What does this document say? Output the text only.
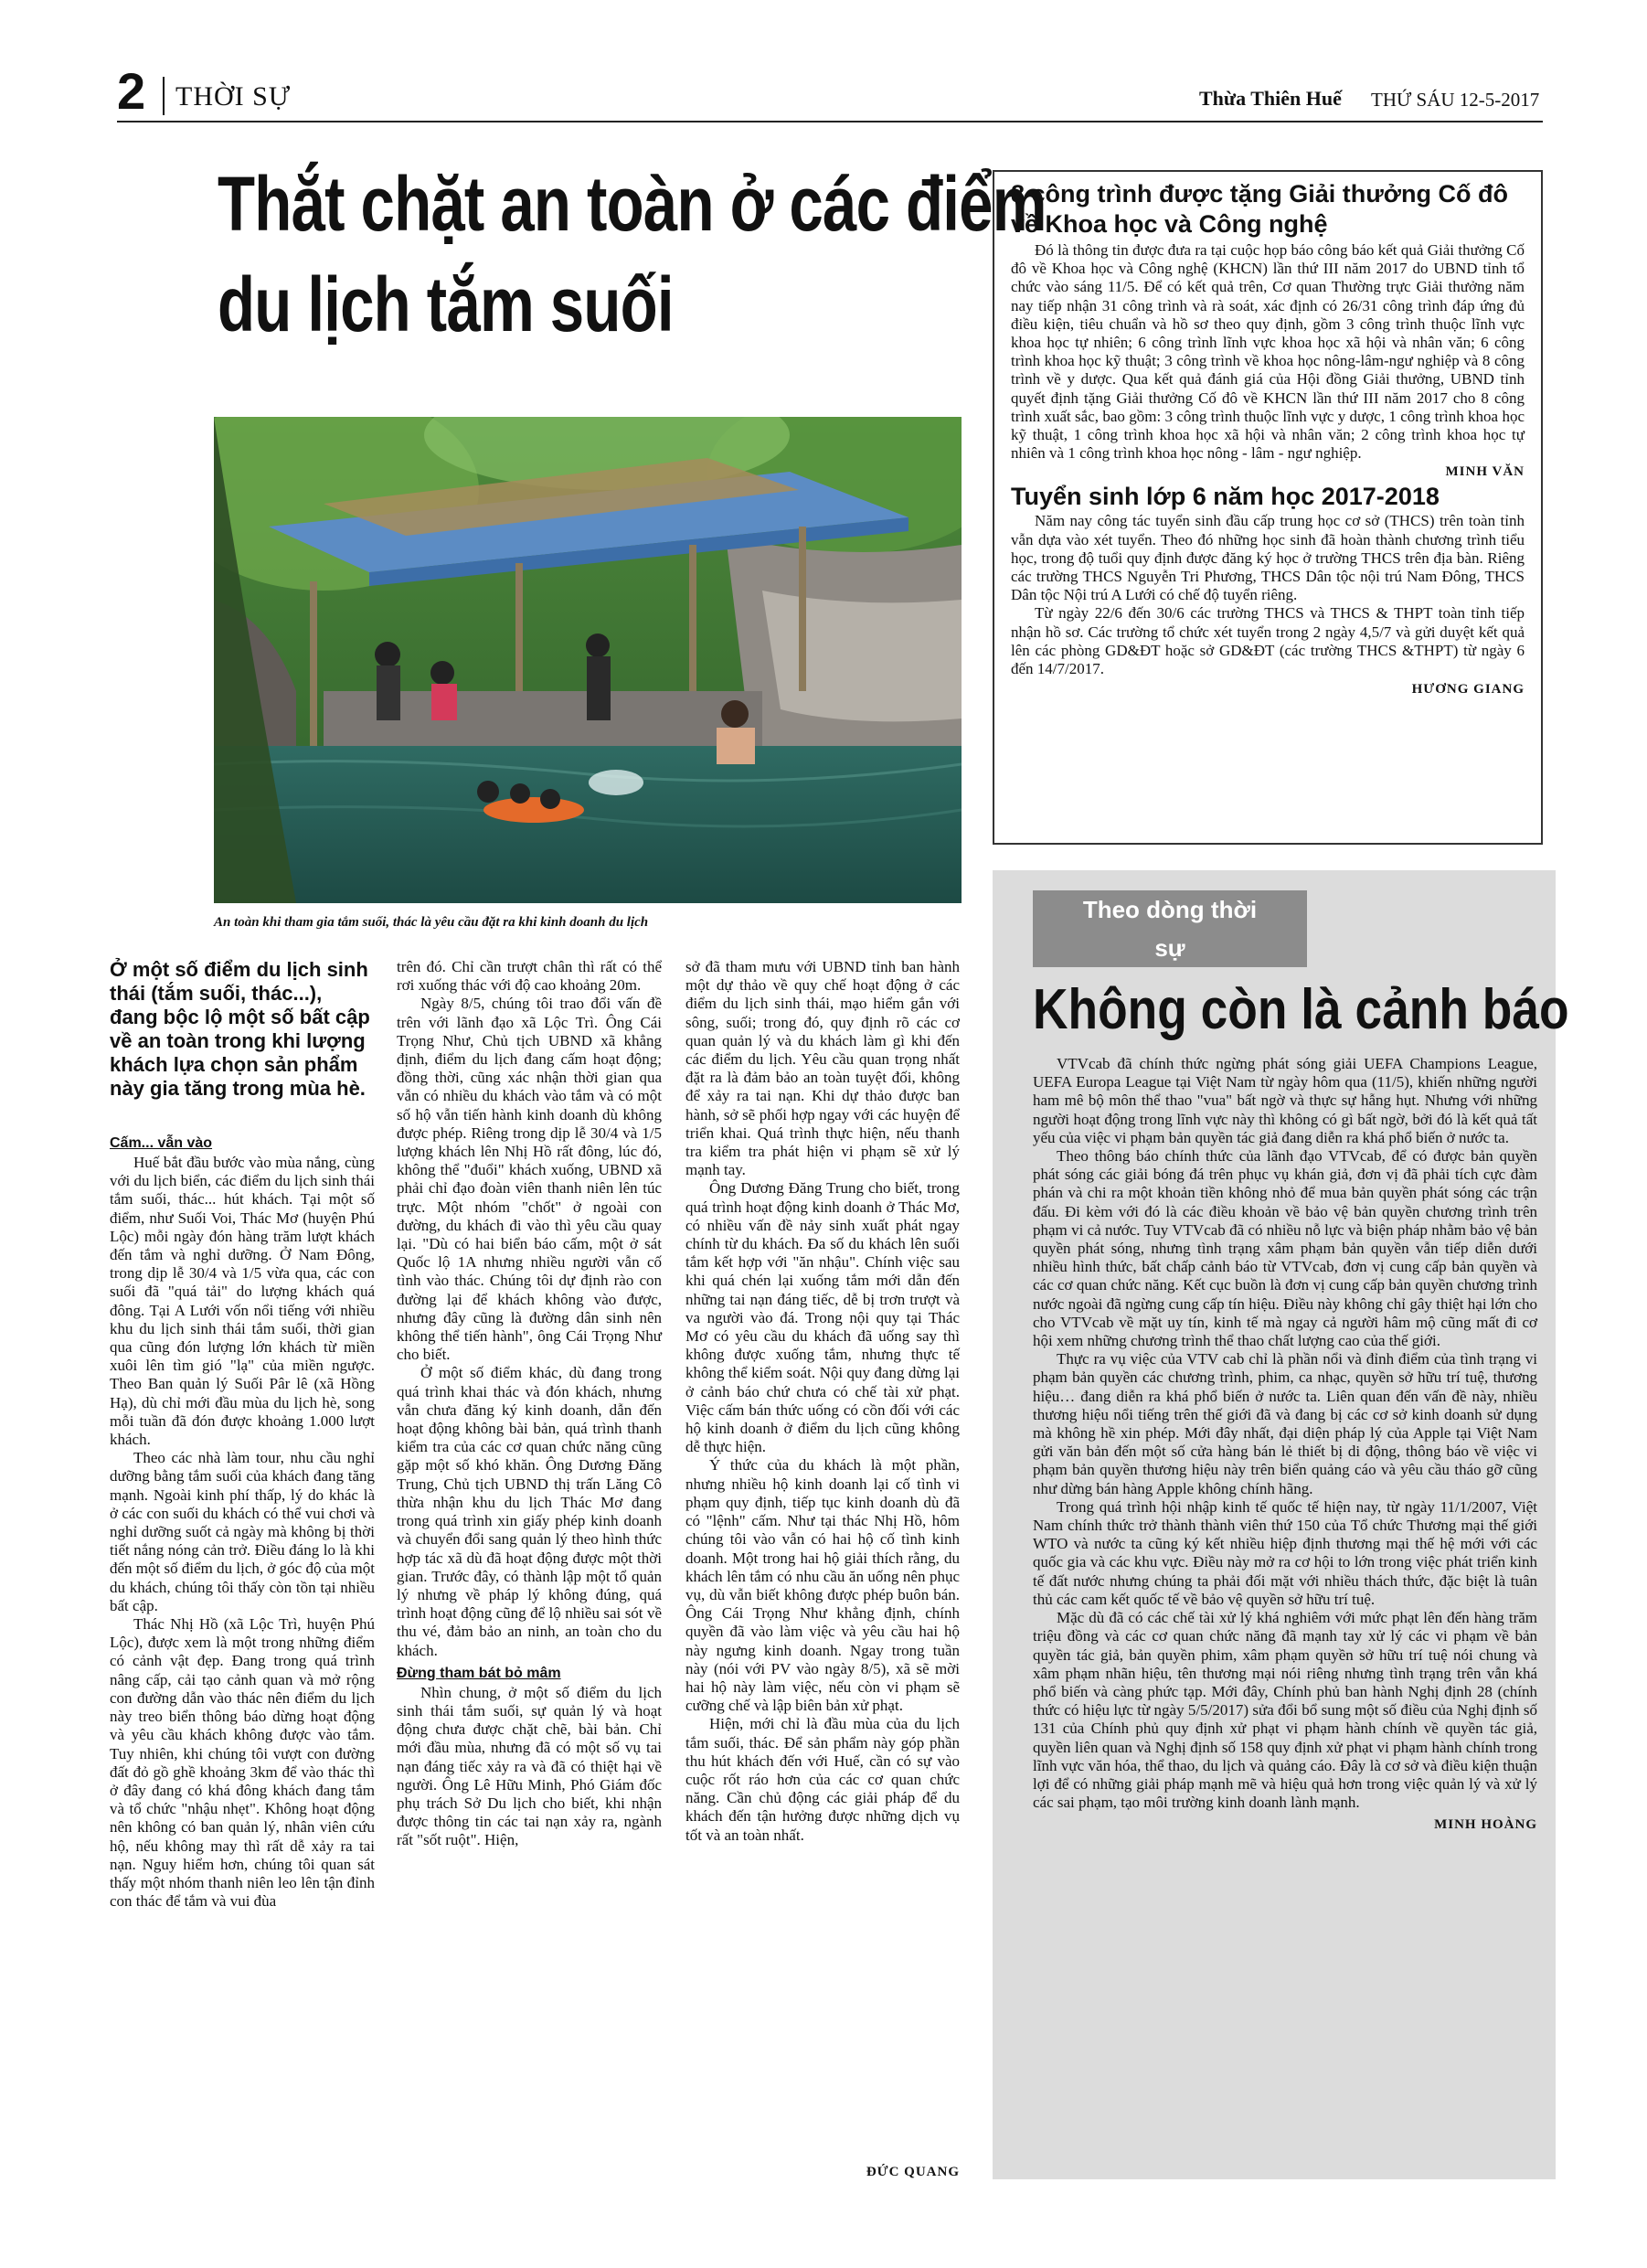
2 THỜI SỰ	Thừa Thiên Huế THỨ SÁU 12-5-2017
Thắt chặt an toàn ở các điểm
du lịch tắm suối
An toàn khi tham gia tắm suối, thác là yêu cầu đặt ra khi kinh doanh du lịch
Ở một số điểm du lịch sinh thái (tắm suối, thác...), đang bộc lộ một số bất cập về an toàn trong khi lượng khách lựa chọn sản phẩm này gia tăng trong mùa hè.
Cấm... vẫn vào
Huế bắt đầu bước vào mùa nắng, cùng với du lịch biển, các điểm du lịch sinh thái tắm suối, thác... hút khách. Tại một số điểm, như Suối Voi, Thác Mơ (huyện Phú Lộc) mỗi ngày đón hàng trăm lượt khách đến tắm và nghỉ dưỡng. Ở Nam Đông, trong dịp lễ 30/4 và 1/5 vừa qua, các con suối đã "quá tải" do lượng khách quá đông. Tại A Lưới vốn nổi tiếng với nhiều khu du lịch sinh thái tắm suối, thời gian qua cũng đón lượng lớn khách từ miền xuôi lên tìm gió "lạ" của miền ngược. Theo Ban quản lý Suối Pâr lê (xã Hồng Hạ), dù chỉ mới đầu mùa du lịch hè, song mỗi tuần đã đón được khoảng 1.000 lượt khách.
Theo các nhà làm tour, nhu cầu nghỉ dưỡng bằng tắm suối của khách đang tăng mạnh. Ngoài kinh phí thấp, lý do khác là ở các con suối du khách có thể vui chơi và nghỉ dưỡng suốt cả ngày mà không bị thời tiết nắng nóng cản trở. Điều đáng lo là khi đến một số điểm du lịch, ở góc độ của một du khách, chúng tôi thấy còn tồn tại nhiều bất cập.
Thác Nhị Hồ (xã Lộc Trì, huyện Phú Lộc), được xem là một trong những điểm có cảnh vật đẹp. Đang trong quá trình nâng cấp, cải tạo cảnh quan và mở rộng con đường dẫn vào thác nên điểm du lịch này treo biển thông báo dừng hoạt động và yêu cầu khách không được vào tắm. Tuy nhiên, khi chúng tôi vượt con đường đất đỏ gồ ghề khoảng 3km để vào thác thì ở đây đang có khá đông khách đang tắm và tổ chức "nhậu nhẹt". Không hoạt động nên không có ban quản lý, nhân viên cứu hộ, nếu không may thì rất dễ xảy ra tai nạn. Nguy hiểm hơn, chúng tôi quan sát thấy một nhóm thanh niên leo lên tận đỉnh con thác để tắm và vui đùa
trên đó. Chỉ cần trượt chân thì rất có thể rơi xuống thác với độ cao khoảng 20m.
Ngày 8/5, chúng tôi trao đổi vấn đề trên với lãnh đạo xã Lộc Trì. Ông Cái Trọng Như, Chủ tịch UBND xã khẳng định, điểm du lịch đang cấm hoạt động; đồng thời, cũng xác nhận thời gian qua vẫn có nhiều du khách vào tắm và có một số hộ vẫn tiến hành kinh doanh dù không được phép. Riêng trong dịp lễ 30/4 và 1/5 lượng khách lên Nhị Hồ rất đông, lúc đó, không thể "đuổi" khách xuống, UBND xã phải chỉ đạo đoàn viên thanh niên lên túc trực. Một nhóm "chốt" ở ngoài con đường, du khách đi vào thì yêu cầu quay lại. "Dù có hai biển báo cấm, một ở sát Quốc lộ 1A nhưng nhiều người vẫn cố tình vào thác. Chúng tôi dự định rào con đường lại để khách không vào được, nhưng đây cũng là đường dân sinh nên không thể tiến hành", ông Cái Trọng Như cho biết.
Ở một số điểm khác, dù đang trong quá trình khai thác và đón khách, nhưng vẫn chưa đăng ký kinh doanh, dẫn đến hoạt động không bài bản, quá trình thanh kiểm tra của các cơ quan chức năng cũng gặp một số khó khăn. Ông Dương Đăng Trung, Chủ tịch UBND thị trấn Lăng Cô thừa nhận khu du lịch Thác Mơ đang trong quá trình xin giấy phép kinh doanh và chuyển đổi sang quản lý theo hình thức hợp tác xã dù đã hoạt động được một thời gian. Trước đây, có thành lập một tổ quản lý nhưng về pháp lý không đúng, quá trình hoạt động cũng để lộ nhiều sai sót về thu vé, đảm bảo an ninh, an toàn cho du khách.
Đừng tham bát bỏ mâm
Nhìn chung, ở một số điểm du lịch sinh thái tắm suối, sự quản lý và hoạt động chưa được chặt chẽ, bài bản. Chỉ mới đầu mùa, nhưng đã có một số vụ tai nạn đáng tiếc xảy ra và đã có thiệt hại về người. Ông Lê Hữu Minh, Phó Giám đốc phụ trách Sở Du lịch cho biết, khi nhận được thông tin các tai nạn xảy ra, ngành rất "sốt ruột". Hiện,
sở đã tham mưu với UBND tỉnh ban hành một dự thảo về quy chế hoạt động ở các điểm du lịch sinh thái, mạo hiểm gắn với sông, suối; trong đó, quy định rõ các cơ quan quản lý và du khách làm gì khi đến các điểm du lịch. Yêu cầu quan trọng nhất đặt ra là đảm bảo an toàn tuyệt đối, không để xảy ra tai nạn. Khi dự thảo được ban hành, sở sẽ phối hợp ngay với các huyện để triển khai. Quá trình thực hiện, nếu thanh tra kiểm tra phát hiện vi phạm sẽ xử lý mạnh tay.
Ông Dương Đăng Trung cho biết, trong quá trình hoạt động kinh doanh ở Thác Mơ, có nhiều vấn đề nảy sinh xuất phát ngay chính từ du khách. Đa số du khách lên suối tắm kết hợp với "ăn nhậu". Chính việc sau khi quá chén lại xuống tắm mới dẫn đến những tai nạn đáng tiếc, dễ bị trơn trượt và va người vào đá. Trong nội quy tại Thác Mơ có yêu cầu du khách đã uống say thì không được xuống tắm, nhưng thực tế không thể kiểm soát. Nội quy đang dừng lại ở cảnh báo chứ chưa có chế tài xử phạt. Việc cấm bán thức uống có cồn đối với các hộ kinh doanh ở điểm du lịch cũng không dễ thực hiện.
Ý thức của du khách là một phần, nhưng nhiều hộ kinh doanh lại cố tình vi phạm quy định, tiếp tục kinh doanh dù đã có "lệnh" cấm. Như tại thác Nhị Hồ, hôm chúng tôi vào vẫn có hai hộ cố tình kinh doanh. Một trong hai hộ giải thích rằng, du khách lên tắm có nhu cầu ăn uống nên phục vụ, dù vẫn biết không được phép buôn bán. Ông Cái Trọng Như khẳng định, chính quyền đã vào làm việc và yêu cầu hai hộ này ngưng kinh doanh. Ngay trong tuần này (nói với PV vào ngày 8/5), xã sẽ mời hai hộ này làm việc, nếu còn vi phạm sẽ cưỡng chế và lập biên bản xử phạt.
Hiện, mới chỉ là đầu mùa của du lịch tắm suối, thác. Để sản phẩm này góp phần thu hút khách đến với Huế, cần có sự vào cuộc rốt ráo hơn của các cơ quan chức năng. Cần chủ động các giải pháp để du khách đến tận hưởng được những dịch vụ tốt và an toàn nhất.
ĐỨC QUANG
8 công trình được tặng Giải thưởng Cố đô về Khoa học và Công nghệ
Đó là thông tin được đưa ra tại cuộc họp báo công báo kết quả Giải thưởng Cố đô về Khoa học và Công nghệ (KHCN) lần thứ III năm 2017 do UBND tỉnh tổ chức vào sáng 11/5. Để có kết quả trên, Cơ quan Thường trực Giải thưởng năm nay tiếp nhận 31 công trình và rà soát, xác định có 26/31 công trình đáp ứng đủ điều kiện, tiêu chuẩn và hồ sơ theo quy định, gồm 3 công trình thuộc lĩnh vực khoa học tự nhiên; 6 công trình lĩnh vực khoa học xã hội và nhân văn; 6 công trình khoa học kỹ thuật; 3 công trình về khoa học nông-lâm-ngư nghiệp và 8 công trình về y dược. Qua kết quả đánh giá của Hội đồng Giải thưởng, UBND tỉnh quyết định tặng Giải thưởng Cố đô về KHCN lần thứ III năm 2017 cho 8 công trình xuất sắc, bao gồm: 3 công trình thuộc lĩnh vực y dược, 1 công trình khoa học kỹ thuật, 1 công trình khoa học xã hội và nhân văn; 2 công trình khoa học tự nhiên và 1 công trình khoa học nông - lâm - ngư nghiệp.
MINH VĂN
Tuyển sinh lớp 6 năm học 2017-2018
Năm nay công tác tuyển sinh đầu cấp trung học cơ sở (THCS) trên toàn tỉnh vẫn dựa vào xét tuyển. Theo đó những học sinh đã hoàn thành chương trình tiểu học, trong độ tuổi quy định được đăng ký học ở trường THCS trên địa bàn. Riêng các trường THCS Nguyễn Tri Phương, THCS Dân tộc nội trú Nam Đông, THCS Dân tộc Nội trú A Lưới có chế độ tuyển riêng.
Từ ngày 22/6 đến 30/6 các trường THCS và THCS & THPT toàn tỉnh tiếp nhận hồ sơ. Các trường tổ chức xét tuyển trong 2 ngày 4,5/7 và gửi duyệt kết quả lên các phòng GD&ĐT hoặc sở GD&ĐT (các trường THCS &THPT) từ ngày 6 đến 14/7/2017.
HƯƠNG GIANG
Theo dòng thời sự
Không còn là cảnh báo
VTVcab đã chính thức ngừng phát sóng giải UEFA Champions League, UEFA Europa League tại Việt Nam từ ngày hôm qua (11/5), khiến những người ham mê bộ môn thể thao "vua" bất ngờ và thực sự hẫng hụt. Nhưng với những người hoạt động trong lĩnh vực này thì không có gì bất ngờ, bởi đó là kết quả tất yếu của việc vi phạm bản quyền tác giả đang diễn ra khá phổ biến ở nước ta.
Theo thông báo chính thức của lãnh đạo VTVcab, để có được bản quyền phát sóng các giải bóng đá trên phục vụ khán giả, đơn vị đã phải tích cực đàm phán và chi ra một khoản tiền không nhỏ để mua bản quyền phát sóng các trận đấu. Đi kèm với đó là các điều khoản về bảo vệ bản quyền chương trình trên phạm vi cả nước. Tuy VTVcab đã có nhiều nỗ lực và biện pháp nhằm bảo vệ bản quyền phát sóng, nhưng tình trạng xâm phạm bản quyền vẫn tiếp diễn dưới nhiều hình thức, bất chấp cảnh báo từ VTVcab, đơn vị cung cấp bản quyền và các cơ quan chức năng. Kết cục buồn là đơn vị cung cấp bản quyền chương trình nước ngoài đã ngừng cung cấp tín hiệu. Điều này không chỉ gây thiệt hại lớn cho cho VTVcab về mặt uy tín, kinh tế mà ngay cả người hâm mộ cũng mất đi cơ hội xem những chương trình thể thao chất lượng cao của thế giới.
Thực ra vụ việc của VTV cab chỉ là phần nổi và đỉnh điểm của tình trạng vi phạm bản quyền các chương trình, phim, ca nhạc, quyền sở hữu trí tuệ, thương hiệu… đang diễn ra khá phổ biến ở nước ta. Liên quan đến vấn đề này, nhiều thương hiệu nổi tiếng trên thế giới đã và đang bị các cơ sở kinh doanh sử dụng mà không hề xin phép. Mới đây nhất, đại diện pháp lý của Apple tại Việt Nam gửi văn bản đến một số cửa hàng bán lẻ thiết bị di động, thông báo về việc vi phạm bản quyền thương hiệu này trên biển quảng cáo và yêu cầu tháo gỡ cũng như dừng bán hàng Apple không chính hãng.
Trong quá trình hội nhập kinh tế quốc tế hiện nay, từ ngày 11/1/2007, Việt Nam chính thức trở thành thành viên thứ 150 của Tổ chức Thương mại thế giới WTO và nước ta cũng ký kết nhiều hiệp định thương mại thế hệ mới với các quốc gia và các khu vực. Điều này mở ra cơ hội to lớn trong việc phát triển kinh tế đất nước nhưng chúng ta phải đối mặt với nhiều thách thức, đặc biệt là tuân thủ các cam kết quốc tế về bảo vệ quyền sở hữu trí tuệ.
Mặc dù đã có các chế tài xử lý khá nghiêm với mức phạt lên đến hàng trăm triệu đồng và các cơ quan chức năng đã mạnh tay xử lý các vi phạm về bản quyền tác giả, bản quyền phim, xâm phạm quyền sở hữu trí tuệ nói chung và xâm phạm nhãn hiệu, tên thương mại nói riêng nhưng tình trạng trên vẫn khá phổ biến và càng phức tạp. Mới đây, Chính phủ ban hành Nghị định 28 (chính thức có hiệu lực từ ngày 5/5/2017) sửa đổi bổ sung một số điều của Nghị định số 131 của Chính phủ quy định xử phạt vi phạm hành chính về quyền tác giả, quyền liên quan và Nghị định số 158 quy định xử phạt vi phạm hành chính trong lĩnh vực văn hóa, thể thao, du lịch và quảng cáo. Đây là cơ sở và điều kiện thuận lợi để có những giải pháp mạnh mẽ và hiệu quả hơn trong việc quản lý và xử lý các sai phạm, tạo môi trường kinh doanh lành mạnh.
MINH HOÀNG
